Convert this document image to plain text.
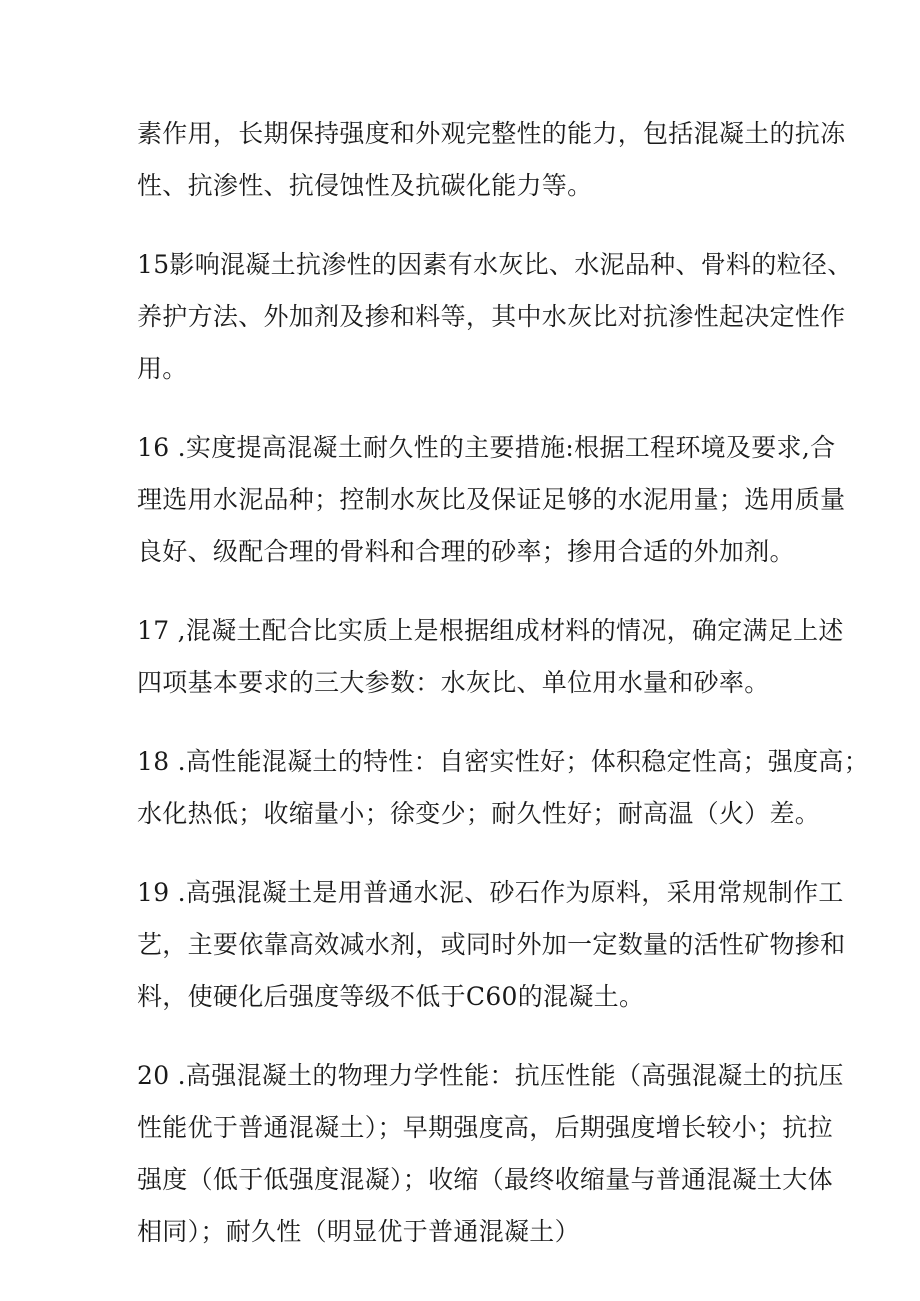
素作用，长期保持强度和外观完整性的能力，包括混凝土的抗冻
性、抗渗性、抗侵蚀性及抗碳化能力等。
15影响混凝土抗渗性的因素有水灰比、水泥品种、骨料的粒径、
养护方法、外加剂及掺和料等，其中水灰比对抗渗性起决定性作
用。
16 .实度提高混凝土耐久性的主要措施:根据工程环境及要求,合
理选用水泥品种；控制水灰比及保证足够的水泥用量；选用质量
良好、级配合理的骨料和合理的砂率；掺用合适的外加剂。
17 ,混凝土配合比实质上是根据组成材料的情况，确定满足上述
四项基本要求的三大参数：水灰比、单位用水量和砂率。
18 .高性能混凝土的特性：自密实性好；体积稳定性高；强度高；
水化热低；收缩量小；徐变少；耐久性好；耐高温（火）差。
19 .高强混凝土是用普通水泥、砂石作为原料，采用常规制作工
艺，主要依靠高效减水剂，或同时外加一定数量的活性矿物掺和
料，使硬化后强度等级不低于C60的混凝土。
20 .高强混凝土的物理力学性能：抗压性能（高强混凝土的抗压
性能优于普通混凝土）；早期强度高，后期强度增长较小；抗拉
强度（低于低强度混凝）；收缩（最终收缩量与普通混凝土大体
相同）；耐久性（明显优于普通混凝土）
